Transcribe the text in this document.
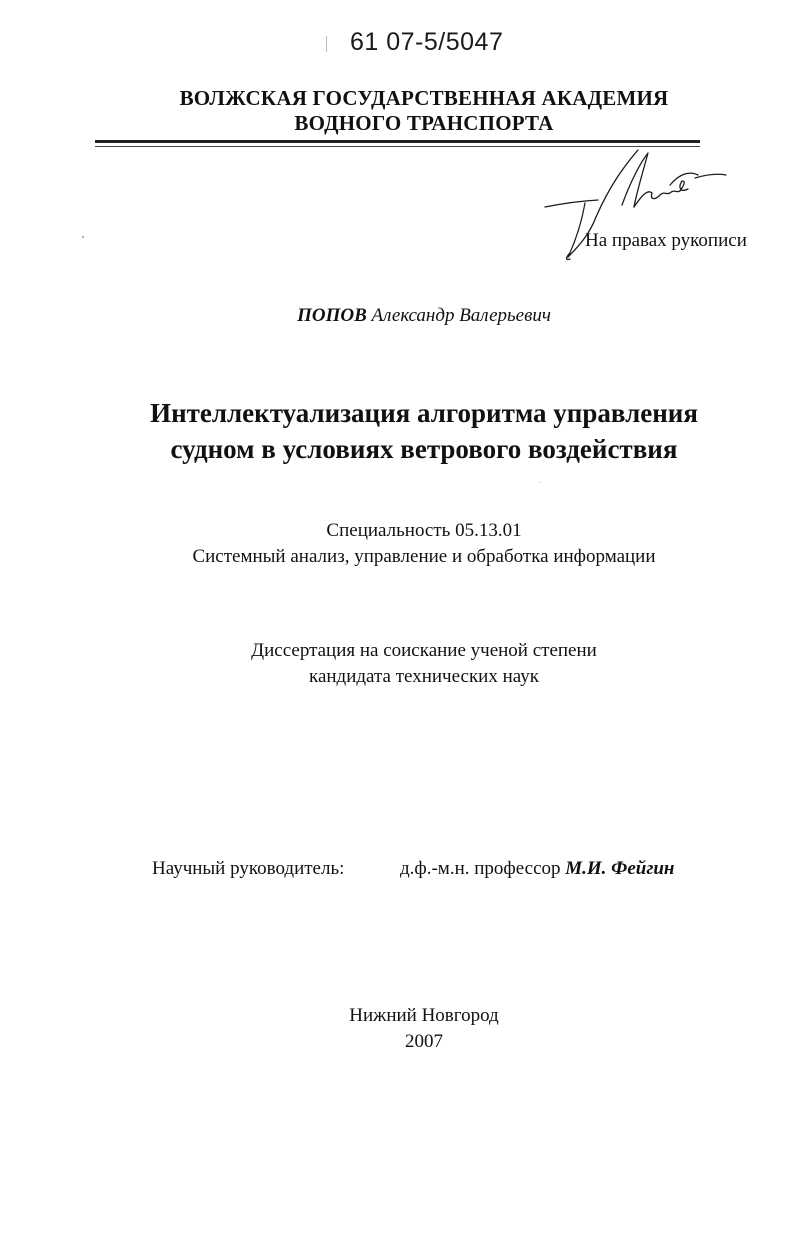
61 07-5/5047
ВОЛЖСКАЯ ГОСУДАРСТВЕННАЯ АКАДЕМИЯ
ВОДНОГО ТРАНСПОРТА
На правах рукописи
ПОПОВ Александр Валерьевич
Интеллектуализация алгоритма управления
судном в условиях ветрового воздействия
Специальность 05.13.01
Системный анализ, управление и обработка информации
Диссертация на соискание ученой степени
кандидата технических наук
Научный руководитель:	д.ф.-м.н. профессор М.И. Фейгин
Нижний Новгород
2007
